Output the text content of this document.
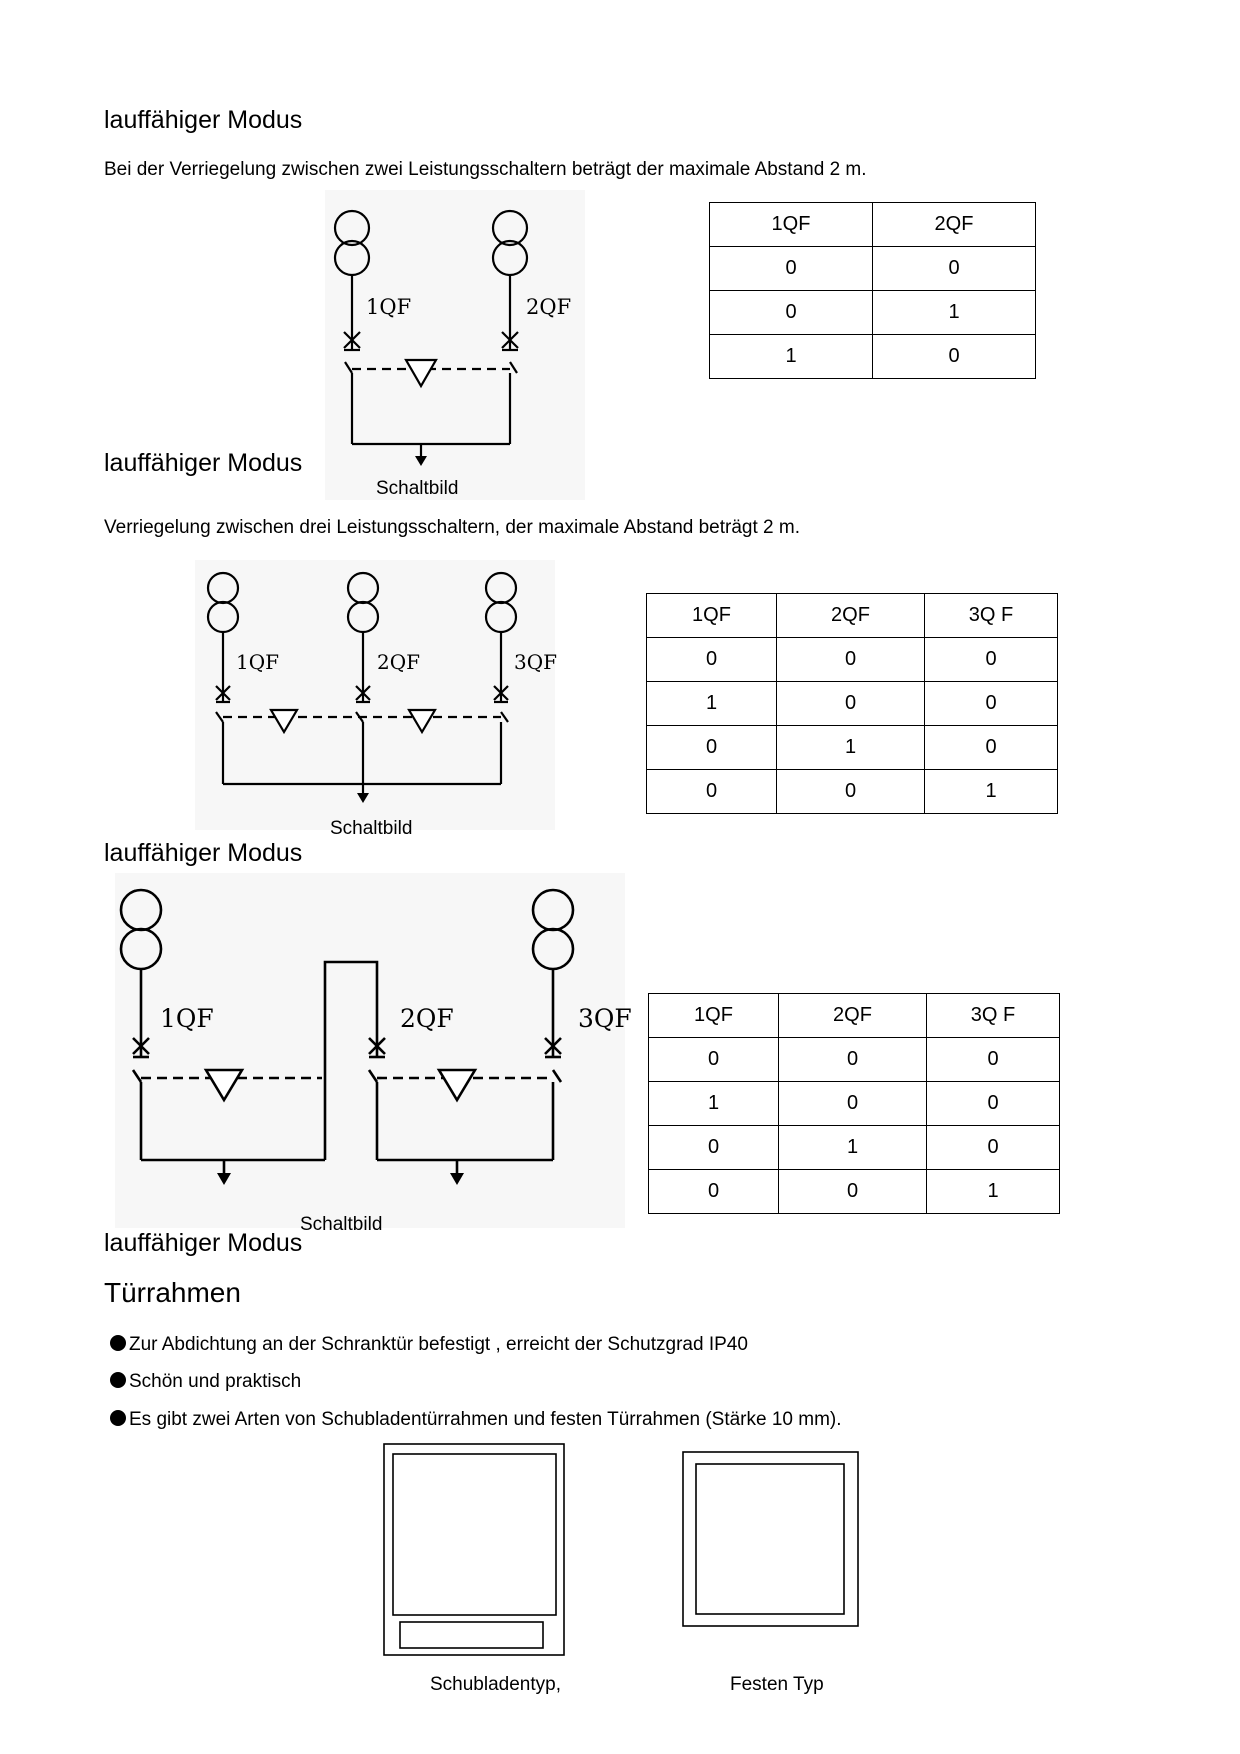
lauffähiger Modus
Bei der Verriegelung zwischen zwei Leistungsschaltern beträgt der maximale Abstand 2 m.
1QF	2QF
lauffähiger Modus
Schaltbild
1QF	2QF
0	0
0	1
1	0
Verriegelung zwischen drei Leistungsschaltern, der maximale Abstand beträgt 2 m.
1QF	2QF	3QF
Schaltbild
1QF	2QF	3Q F
0	0	0
1	0	0
0	1	0
0	0	1
lauffähiger Modus
1QF	2QF	3QF
Schaltbild
1QF	2QF	3Q F
0	0	0
1	0	0
0	1	0
0	0	1
lauffähiger Modus
Türrahmen
Zur Abdichtung an der Schranktür befestigt , erreicht der Schutzgrad IP40
Schön und praktisch
Es gibt zwei Arten von Schubladentürrahmen und festen Türrahmen (Stärke 10 mm).
Schubladentyp,	Festen Typ
